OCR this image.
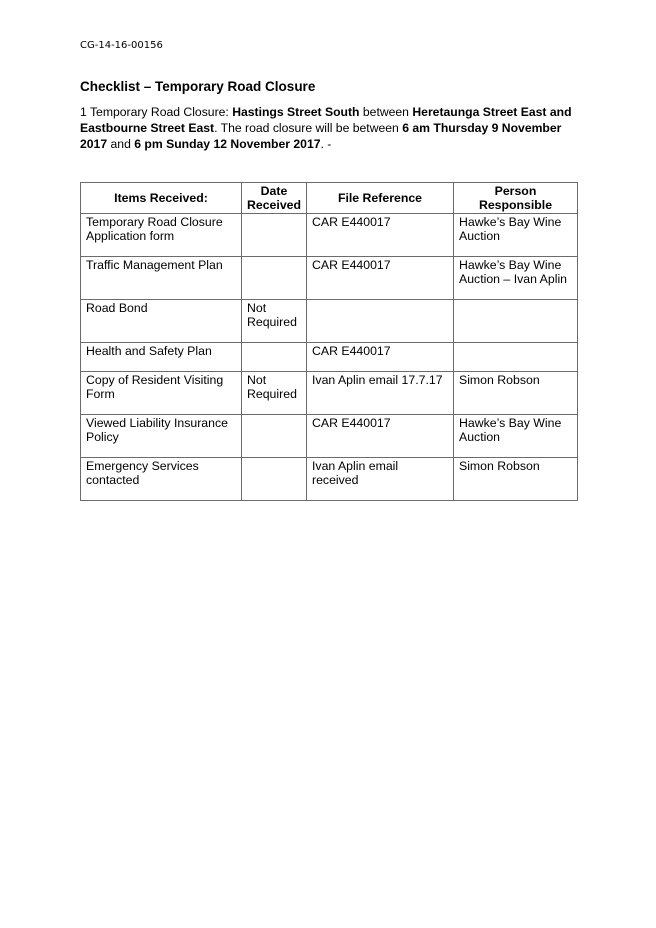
CG-14-16-00156
Checklist – Temporary Road Closure
1 Temporary Road Closure: Hastings Street South between Heretaunga Street East and Eastbourne Street East. The road closure will be between 6 am Thursday 9 November 2017 and 6 pm Sunday 12 November 2017. -
Items Received:	Date Received	File Reference	Person Responsible
Temporary Road Closure Application form		CAR E440017	Hawke’s Bay Wine Auction
Traffic Management Plan		CAR E440017	Hawke’s Bay Wine Auction – Ivan Aplin
Road Bond	Not Required		
Health and Safety Plan		CAR E440017	
Copy of Resident Visiting Form	Not Required	Ivan Aplin email 17.7.17	Simon Robson
Viewed Liability Insurance Policy		CAR E440017	Hawke’s Bay Wine Auction
Emergency Services contacted		Ivan Aplin email received	Simon Robson
